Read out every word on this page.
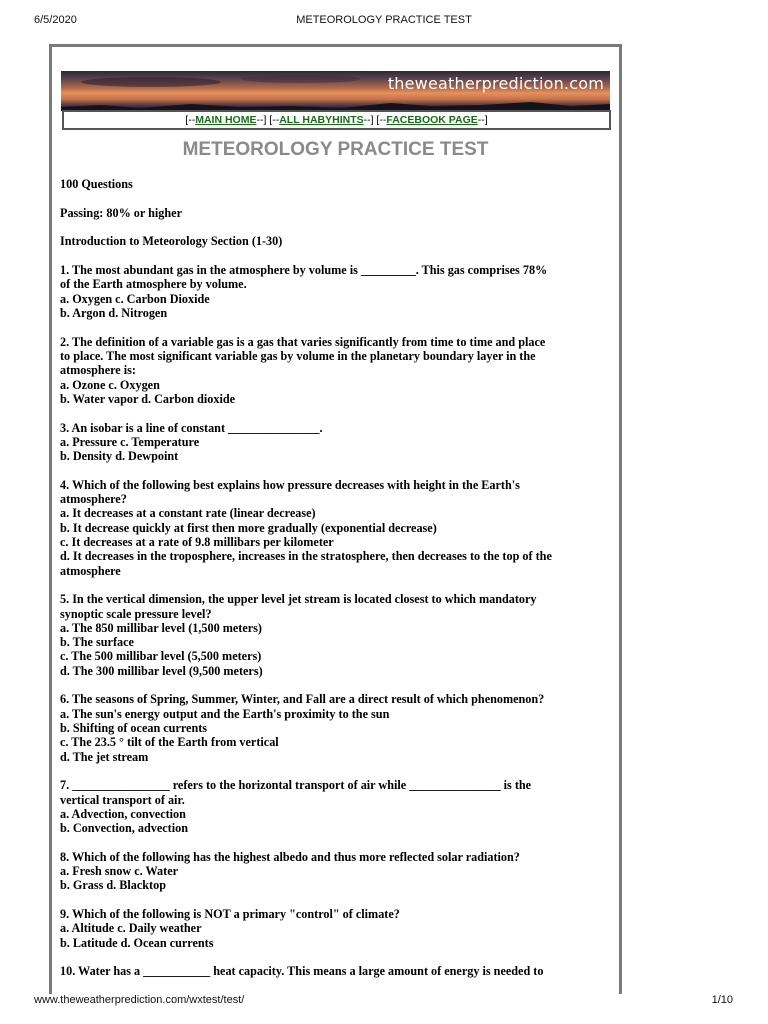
6/5/2020	METEOROLOGY PRACTICE TEST
theweatherprediction.com
[--MAIN HOME--] [--ALL HABYHINTS--] [--FACEBOOK PAGE--]
METEOROLOGY PRACTICE TEST

100 Questions

Passing: 80% or higher

Introduction to Meteorology Section (1-30)

1. The most abundant gas in the atmosphere by volume is _________. This gas comprises 78%
of the Earth atmosphere by volume.
a. Oxygen c. Carbon Dioxide
b. Argon d. Nitrogen
2. The definition of a variable gas is a gas that varies significantly from time to time and place
to place. The most significant variable gas by volume in the planetary boundary layer in the
atmosphere is:
a. Ozone c. Oxygen
b. Water vapor d. Carbon dioxide
3. An isobar is a line of constant _______________.
a. Pressure c. Temperature
b. Density d. Dewpoint
4. Which of the following best explains how pressure decreases with height in the Earth's
atmosphere?
a. It decreases at a constant rate (linear decrease)
b. It decrease quickly at first then more gradually (exponential decrease)
c. It decreases at a rate of 9.8 millibars per kilometer
d. It decreases in the troposphere, increases in the stratosphere, then decreases to the top of the
atmosphere
5. In the vertical dimension, the upper level jet stream is located closest to which mandatory
synoptic scale pressure level?
a. The 850 millibar level (1,500 meters)
b. The surface
c. The 500 millibar level (5,500 meters)
d. The 300 millibar level (9,500 meters)
6. The seasons of Spring, Summer, Winter, and Fall are a direct result of which phenomenon?
a. The sun's energy output and the Earth's proximity to the sun
b. Shifting of ocean currents
c. The 23.5 ° tilt of the Earth from vertical
d. The jet stream
7. ________________ refers to the horizontal transport of air while _______________ is the
vertical transport of air.
a. Advection, convection
b. Convection, advection
8. Which of the following has the highest albedo and thus more reflected solar radiation?
a. Fresh snow c. Water
b. Grass d. Blacktop
9. Which of the following is NOT a primary "control" of climate?
a. Altitude c. Daily weather
b. Latitude d. Ocean currents
10. Water has a ___________ heat capacity. This means a large amount of energy is needed to
www.theweatherprediction.com/wxtest/test/	1/10
